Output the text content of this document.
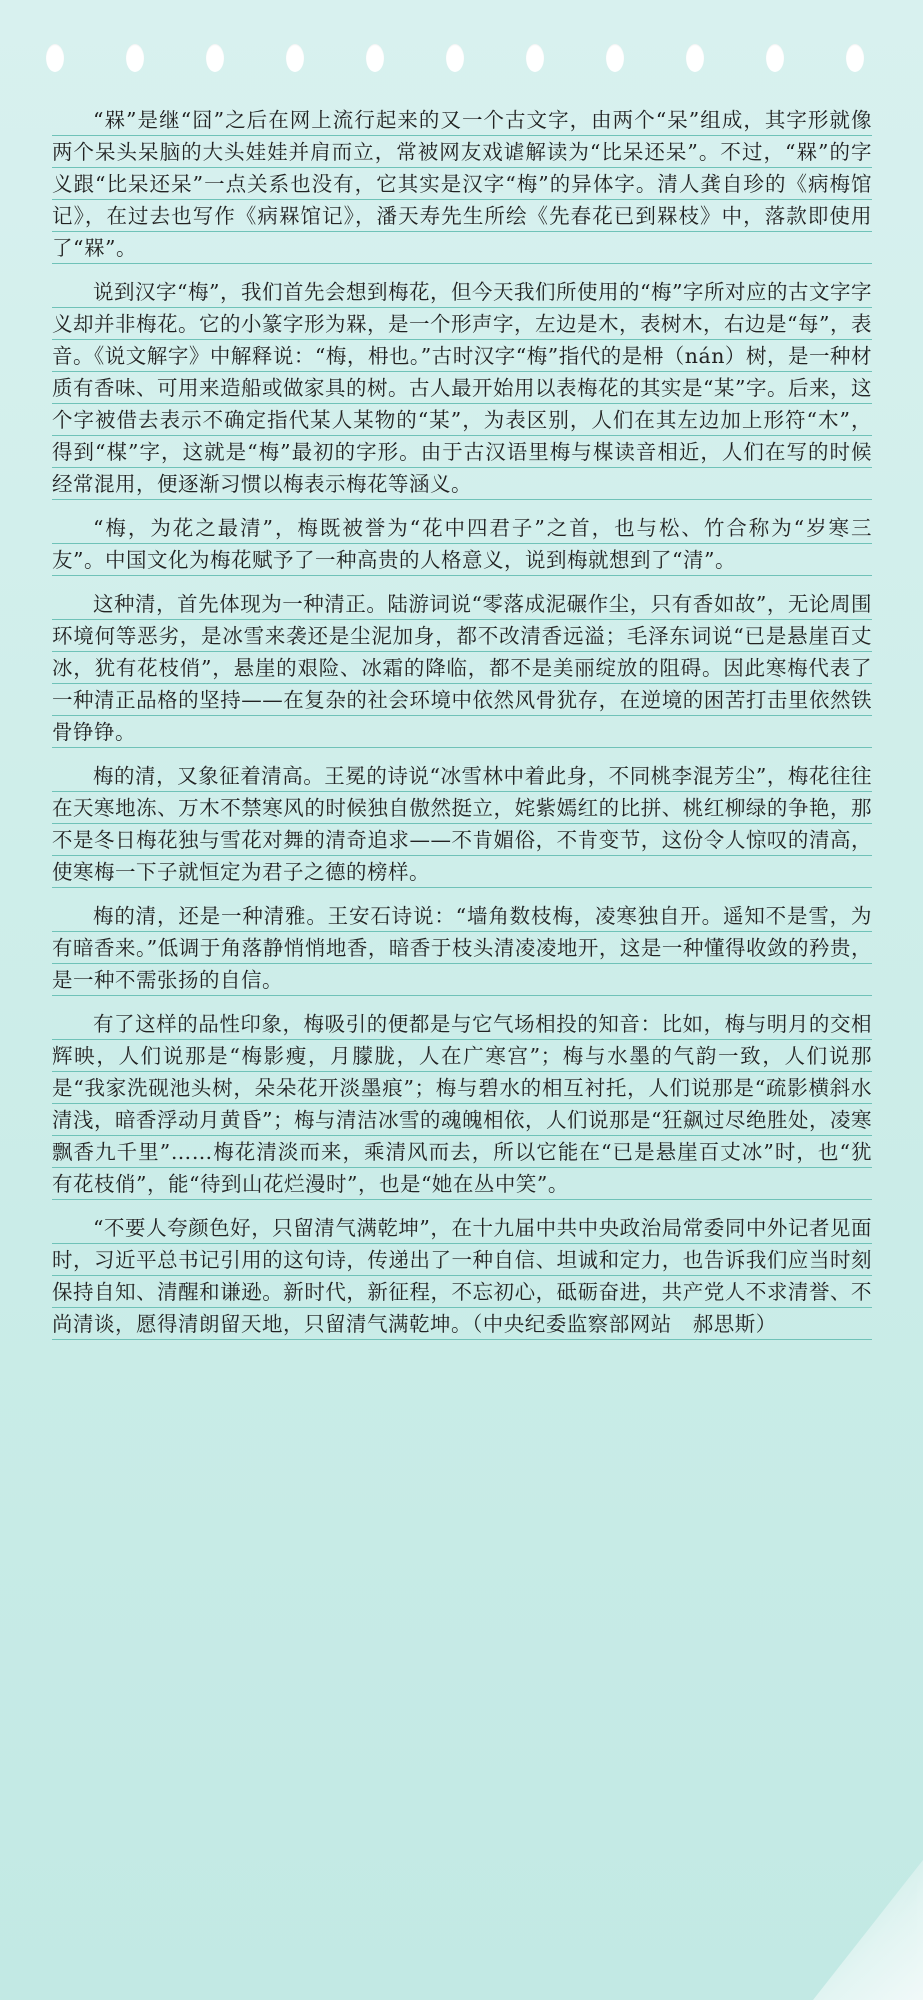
“槑”是继“囧”之后在网上流行起来的又一个古文字，由两个“呆”组成，其字形就像两个呆头呆脑的大头娃娃并肩而立，常被网友戏谑解读为“比呆还呆”。不过，“槑”的字义跟“比呆还呆”一点关系也没有，它其实是汉字“梅”的异体字。清人龚自珍的《病梅馆记》，在过去也写作《病槑馆记》，潘天寿先生所绘《先春花已到槑枝》中，落款即使用了“槑”。

说到汉字“梅”，我们首先会想到梅花，但今天我们所使用的“梅”字所对应的古文字字义却并非梅花。它的小篆字形为槑，是一个形声字，左边是木，表树木，右边是“每”，表音。《说文解字》中解释说：“梅，枏也。”古时汉字“梅”指代的是枏（nán）树，是一种材质有香味、可用来造船或做家具的树。古人最开始用以表梅花的其实是“某”字。后来，这个字被借去表示不确定指代某人某物的“某”，为表区别，人们在其左边加上形符“木”，得到“楳”字，这就是“梅”最初的字形。由于古汉语里梅与楳读音相近，人们在写的时候经常混用，便逐渐习惯以梅表示梅花等涵义。

“梅，为花之最清”，梅既被誉为“花中四君子”之首，也与松、竹合称为“岁寒三友”。中国文化为梅花赋予了一种高贵的人格意义，说到梅就想到了“清”。

这种清，首先体现为一种清正。陆游词说“零落成泥碾作尘，只有香如故”，无论周围环境何等恶劣，是冰雪来袭还是尘泥加身，都不改清香远溢；毛泽东词说“已是悬崖百丈冰，犹有花枝俏”，悬崖的艰险、冰霜的降临，都不是美丽绽放的阻碍。因此寒梅代表了一种清正品格的坚持——在复杂的社会环境中依然风骨犹存，在逆境的困苦打击里依然铁骨铮铮。

梅的清，又象征着清高。王冕的诗说“冰雪林中着此身，不同桃李混芳尘”，梅花往往在天寒地冻、万木不禁寒风的时候独自傲然挺立，姹紫嫣红的比拼、桃红柳绿的争艳，那不是冬日梅花独与雪花对舞的清奇追求——不肯媚俗，不肯变节，这份令人惊叹的清高，使寒梅一下子就恒定为君子之德的榜样。

梅的清，还是一种清雅。王安石诗说：“墙角数枝梅，凌寒独自开。遥知不是雪，为有暗香来。”低调于角落静悄悄地香，暗香于枝头清凌凌地开，这是一种懂得收敛的矜贵，是一种不需张扬的自信。

有了这样的品性印象，梅吸引的便都是与它气场相投的知音：比如，梅与明月的交相辉映，人们说那是“梅影瘦，月朦胧，人在广寒宫”；梅与水墨的气韵一致，人们说那是“我家洗砚池头树，朵朵花开淡墨痕”；梅与碧水的相互衬托，人们说那是“疏影横斜水清浅，暗香浮动月黄昏”；梅与清洁冰雪的魂魄相依，人们说那是“狂飙过尽绝胜处，凌寒飘香九千里”……梅花清淡而来，乘清风而去，所以它能在“已是悬崖百丈冰”时，也“犹有花枝俏”，能“待到山花烂漫时”，也是“她在丛中笑”。

“不要人夸颜色好，只留清气满乾坤”，在十九届中共中央政治局常委同中外记者见面时，习近平总书记引用的这句诗，传递出了一种自信、坦诚和定力，也告诉我们应当时刻保持自知、清醒和谦逊。新时代，新征程，不忘初心，砥砺奋进，共产党人不求清誉、不尚清谈，愿得清朗留天地，只留清气满乾坤。（中央纪委监察部网站　郝思斯）
